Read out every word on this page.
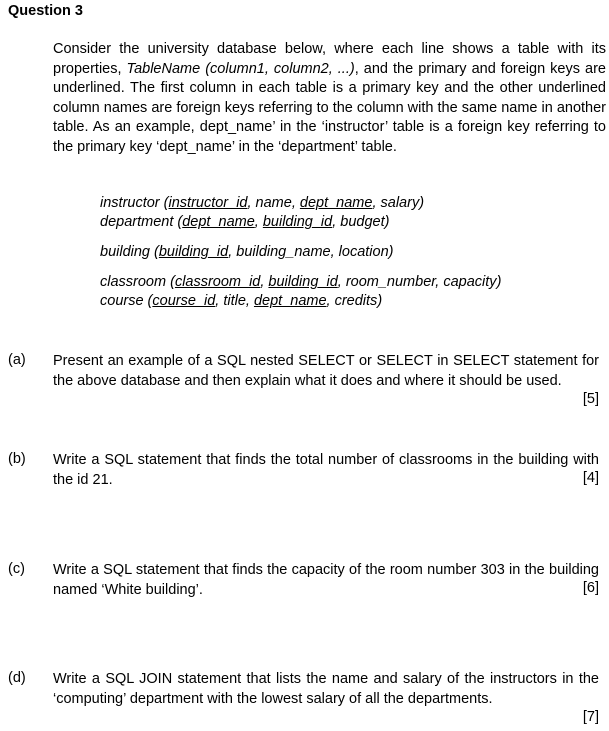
Question 3
Consider the university database below, where each line shows a table with its properties, TableName (column1, column2, ...), and the primary and foreign keys are underlined. The first column in each table is a primary key and the other underlined column names are foreign keys referring to the column with the same name in another table. As an example, dept_name’ in the ‘instructor’ table is a foreign key referring to the primary key ‘dept_name’ in the ‘department’ table.
instructor (instructor_id, name, dept_name, salary)
department (dept_name, building_id, budget)
building (building_id, building_name, location)
classroom (classroom_id, building_id, room_number, capacity)
course (course_id, title, dept_name, credits)
(a) Present an example of a SQL nested SELECT or SELECT in SELECT statement for the above database and then explain what it does and where it should be used.
[5]
(b) Write a SQL statement that finds the total number of classrooms in the building with the id 21.	[4]
(c) Write a SQL statement that finds the capacity of the room number 303 in the building named ‘White building’.	[6]
(d) Write a SQL JOIN statement that lists the name and salary of the instructors in the ‘computing’ department with the lowest salary of all the departments.
[7]
